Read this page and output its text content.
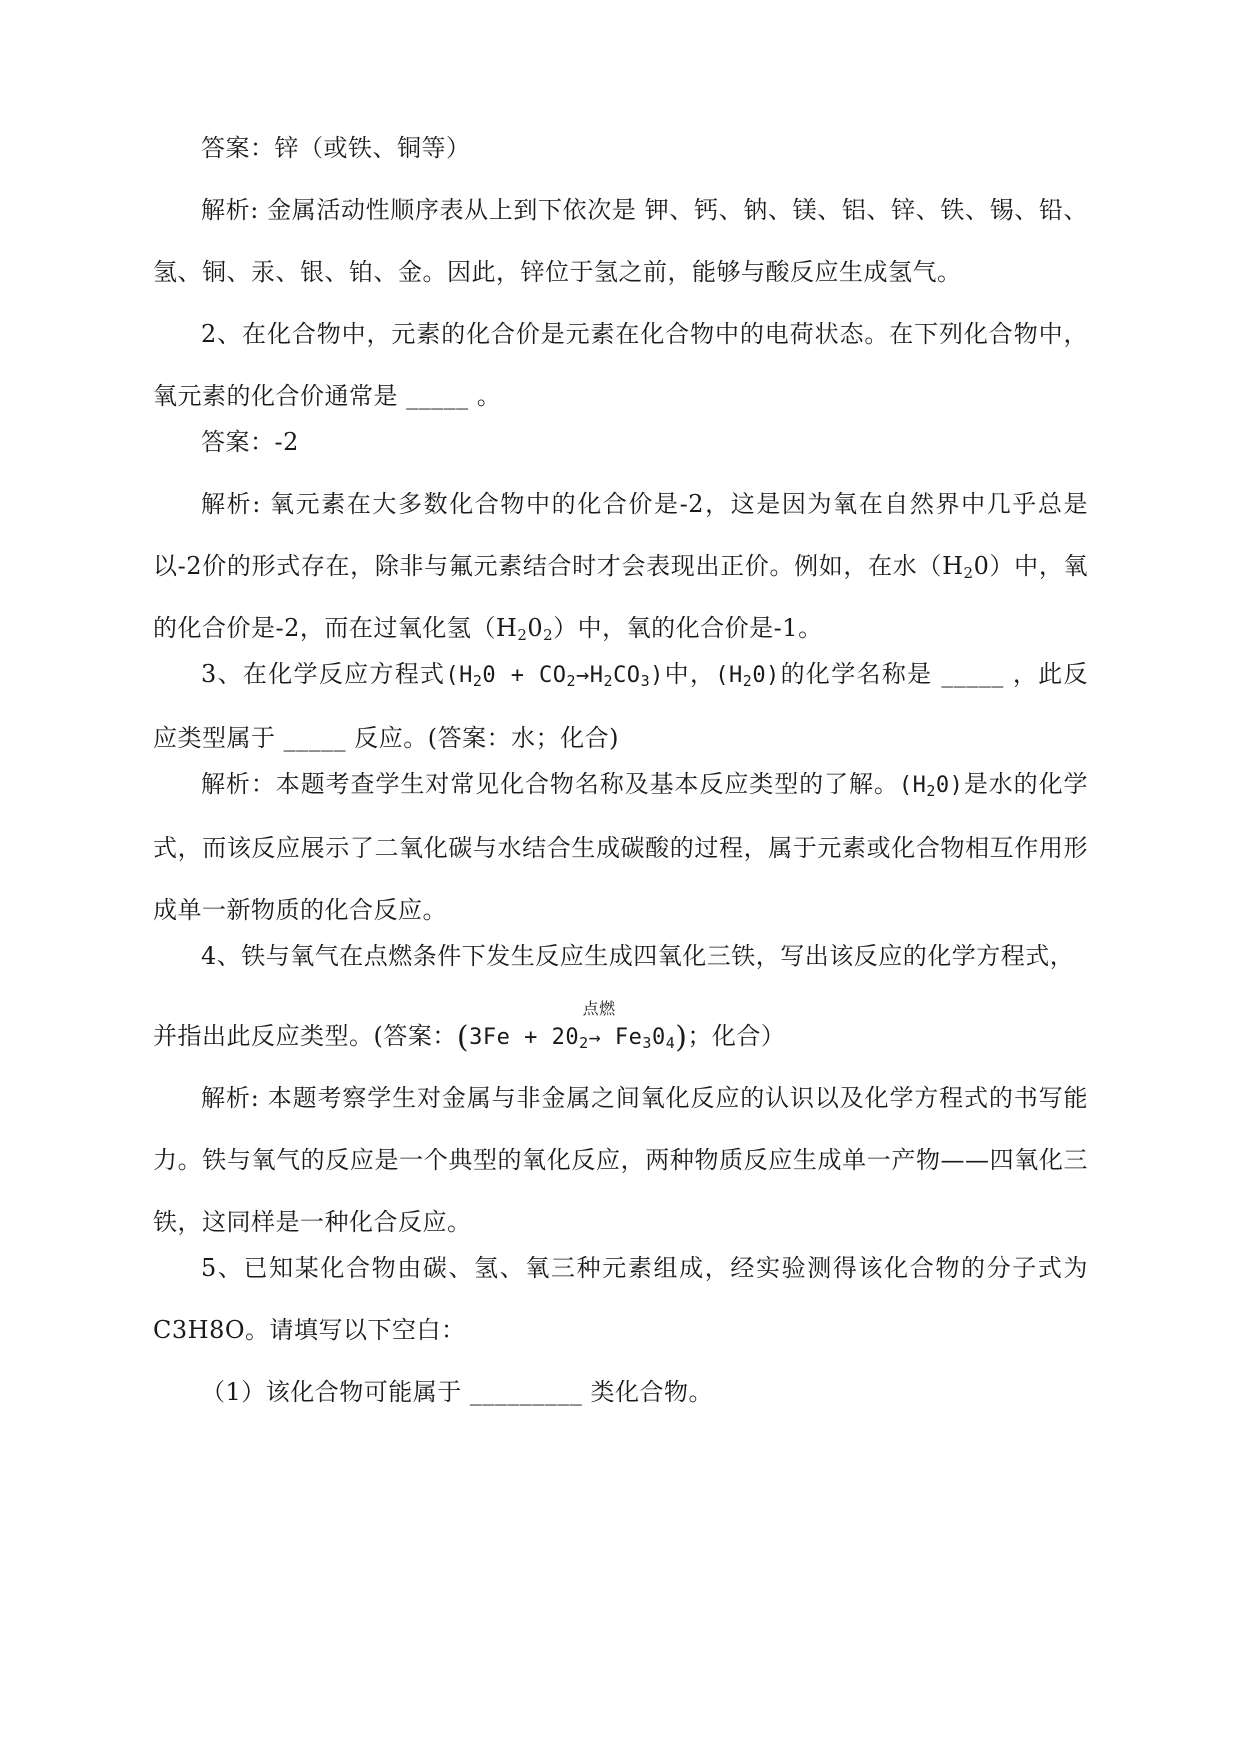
答案：锌（或铁、铜等）

解析: 金属活动性顺序表从上到下依次是 钾、钙、钠、镁、铝、锌、铁、锡、铅、氢、铜、汞、银、铂、金。因此，锌位于氢之前，能够与酸反应生成氢气。

2、在化合物中，元素的化合价是元素在化合物中的电荷状态。在下列化合物中，氧元素的化合价通常是 _____ 。

答案：-2

解析: 氧元素在大多数化合物中的化合价是-2，这是因为氧在自然界中几乎总是以-2价的形式存在，除非与氟元素结合时才会表现出正价。例如，在水$(H_20)$中，氧的化合价是-2，而在过氧化氢$(H_20_2)$中，氧的化合价是-1。

3、在化学反应方程式$(H_20 + CO_2\to H_2CO_3)$中，$(H_20)$的化学名称是 _____ ，此反应类型属于 _____ 反应。(答案：水；化合)

解析：本题考查学生对常见化合物名称及基本反应类型的了解。$(H_20)$是水的化学式，而该反应展示了二氧化碳与水结合生成碳酸的过程，属于元素或化合物相互作用形成单一新物质的化合反应。

4、铁与氧气在点燃条件下发生反应生成四氧化三铁，写出该反应的化学方程式，

并指出此反应类型。(答案：($3Fe + 20_2$
点燃
→ $Fe_30_4$)；化合）

解析: 本题考察学生对金属与非金属之间氧化反应的认识以及化学方程式的书写能力。铁与氧气的反应是一个典型的氧化反应，两种物质反应生成单一产物——四氧化三铁，这同样是一种化合反应。

5、已知某化合物由碳、氢、氧三种元素组成，经实验测得该化合物的分子式为C3H8O。请填写以下空白：

（1）该化合物可能属于 _________ 类化合物。
